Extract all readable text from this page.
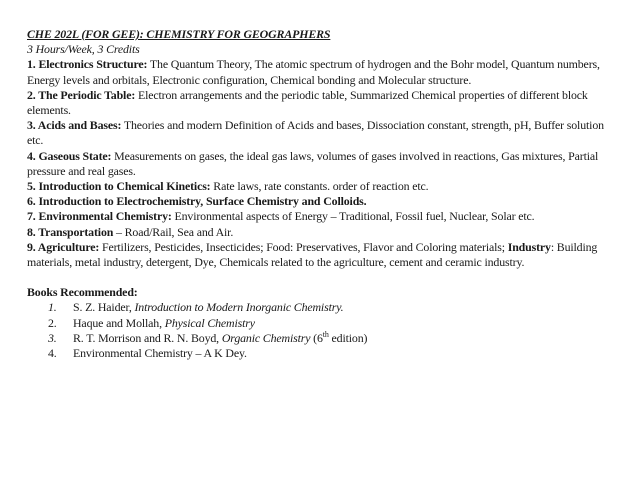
CHE 202L (FOR GEE): CHEMISTRY FOR GEOGRAPHERS
3 Hours/Week, 3 Credits
1. Electronics Structure: The Quantum Theory, The atomic spectrum of hydrogen and the Bohr model, Quantum numbers, Energy levels and orbitals, Electronic configuration, Chemical bonding and Molecular structure.
2. The Periodic Table: Electron arrangements and the periodic table, Summarized Chemical properties of different block elements.
3. Acids and Bases: Theories and modern Definition of Acids and bases, Dissociation constant, strength, pH, Buffer solution etc.
4. Gaseous State: Measurements on gases, the ideal gas laws, volumes of gases involved in reactions, Gas mixtures, Partial pressure and real gases.
5. Introduction to Chemical Kinetics: Rate laws, rate constants. order of reaction etc.
6. Introduction to Electrochemistry, Surface Chemistry and Colloids.
7. Environmental Chemistry: Environmental aspects of Energy – Traditional, Fossil fuel, Nuclear, Solar etc.
8. Transportation – Road/Rail, Sea and Air.
9. Agriculture: Fertilizers, Pesticides, Insecticides; Food: Preservatives, Flavor and Coloring materials; Industry: Building materials, metal industry, detergent, Dye, Chemicals related to the agriculture, cement and ceramic industry.
Books Recommended:
1. S. Z. Haider, Introduction to Modern Inorganic Chemistry.
2. Haque and Mollah, Physical Chemistry
3. R. T. Morrison and R. N. Boyd, Organic Chemistry (6th edition)
4. Environmental Chemistry – A K Dey.
